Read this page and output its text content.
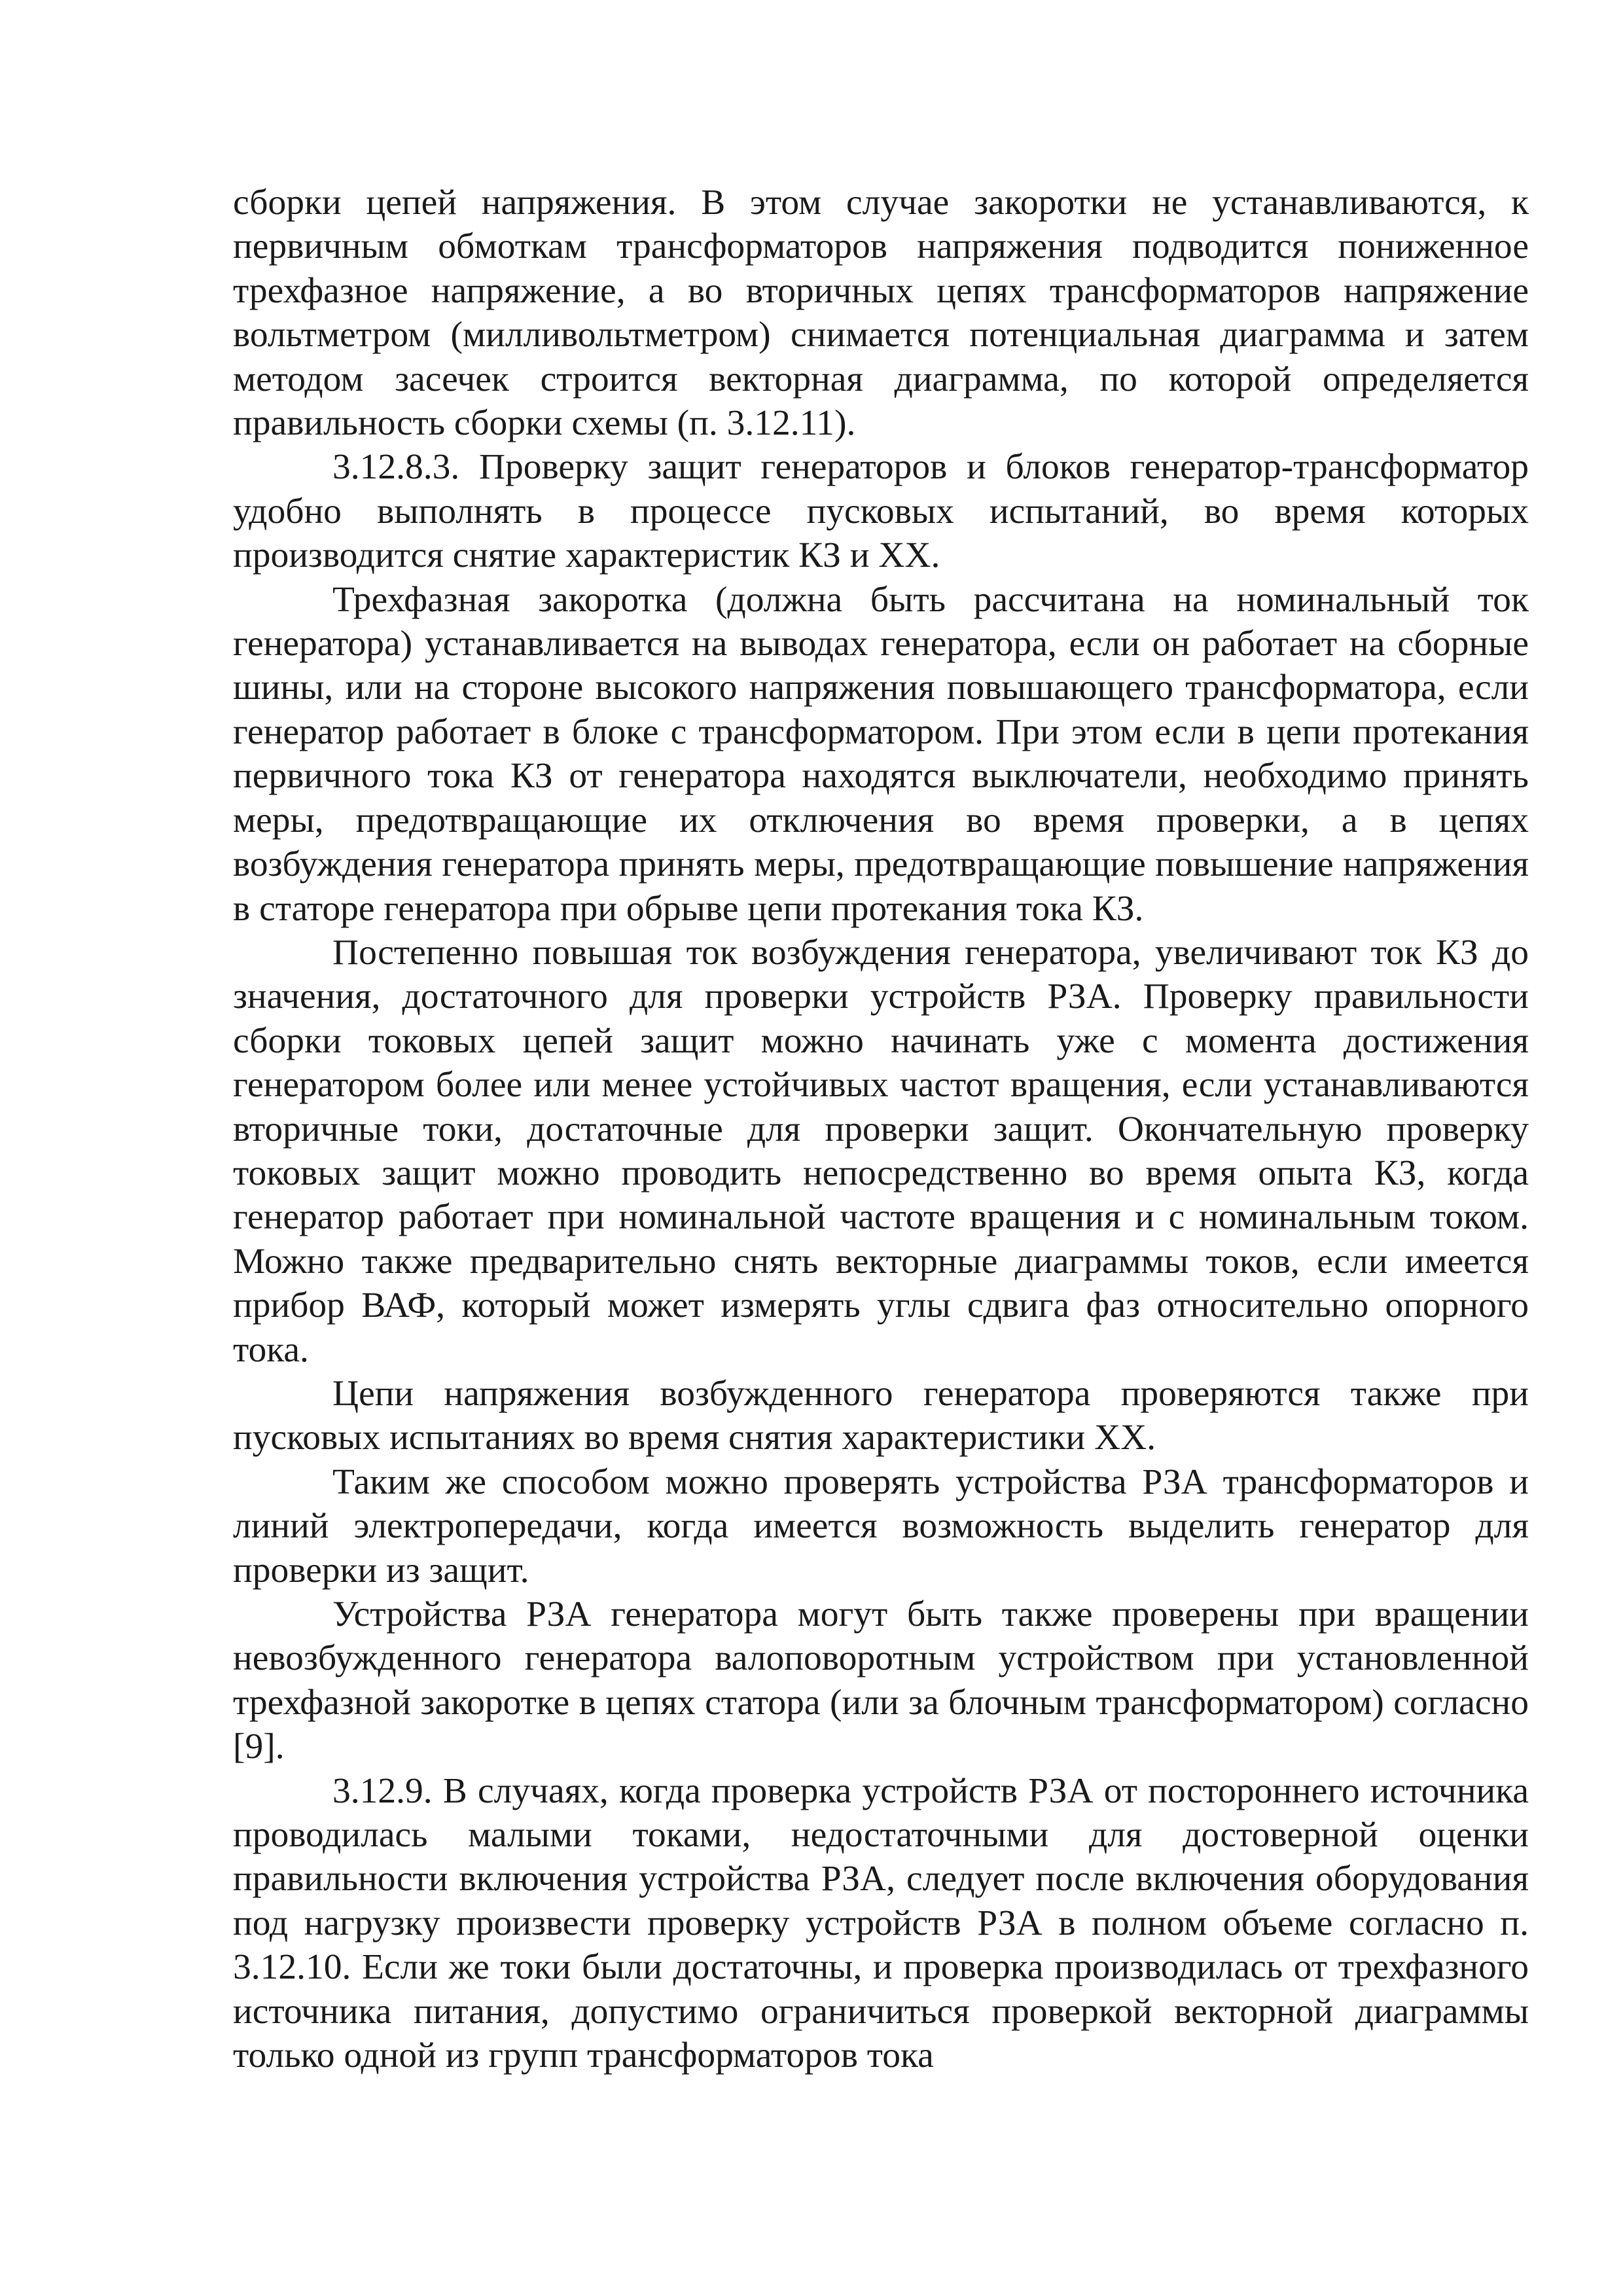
сборки цепей напряжения. В этом случае закоротки не устанавливаются, к первичным обмоткам трансформаторов напряжения подводится пониженное трехфазное напряжение, а во вторичных цепях трансформаторов напряжение вольтметром (милливольтметром) снимается потенциальная диаграмма и затем методом засечек строится векторная диаграмма, по которой определяется правильность сборки схемы (п. 3.12.11).

3.12.8.3. Проверку защит генераторов и блоков генератор-трансформатор удобно выполнять в процессе пусковых испытаний, во время которых производится снятие характеристик КЗ и XX.

Трехфазная закоротка (должна быть рассчитана на номинальный ток генератора) устанавливается на выводах генератора, если он работает на сборные шины, или на стороне высокого напряжения повышающего трансформатора, если генератор работает в блоке с трансформатором. При этом если в цепи протекания первичного тока КЗ от генератора находятся выключатели, необходимо принять меры, предотвращающие их отключения во время проверки, а в цепях возбуждения генератора принять меры, предотвращающие повышение напряжения в статоре генератора при обрыве цепи протекания тока КЗ.

Постепенно повышая ток возбуждения генератора, увеличивают ток КЗ до значения, достаточного для проверки устройств РЗА. Проверку правильности сборки токовых цепей защит можно начинать уже с момента достижения генератором более или менее устойчивых частот вращения, если устанавливаются вторичные токи, достаточные для проверки защит. Окончательную проверку токовых защит можно проводить непосредственно во время опыта КЗ, когда генератор работает при номинальной частоте вращения и с номинальным током. Можно также предварительно снять векторные диаграммы токов, если имеется прибор ВАФ, который может измерять углы сдвига фаз относительно опорного тока.

Цепи напряжения возбужденного генератора проверяются также при пусковых испытаниях во время снятия характеристики XX.

Таким же способом можно проверять устройства РЗА трансформаторов и линий электропередачи, когда имеется возможность выделить генератор для проверки из защит.

Устройства РЗА генератора могут быть также проверены при вращении невозбужденного генератора валоповоротным устройством при установленной трехфазной закоротке в цепях статора (или за блочным трансформатором) согласно [9].

3.12.9. В случаях, когда проверка устройств РЗА от постороннего источника проводилась малыми токами, недостаточными для достоверной оценки правильности включения устройства РЗА, следует после включения оборудования под нагрузку произвести проверку устройств РЗА в полном объеме согласно п. 3.12.10. Если же токи были достаточны, и проверка производилась от трехфазного источника питания, допустимо ограничиться проверкой векторной диаграммы только одной из групп трансформаторов тока
